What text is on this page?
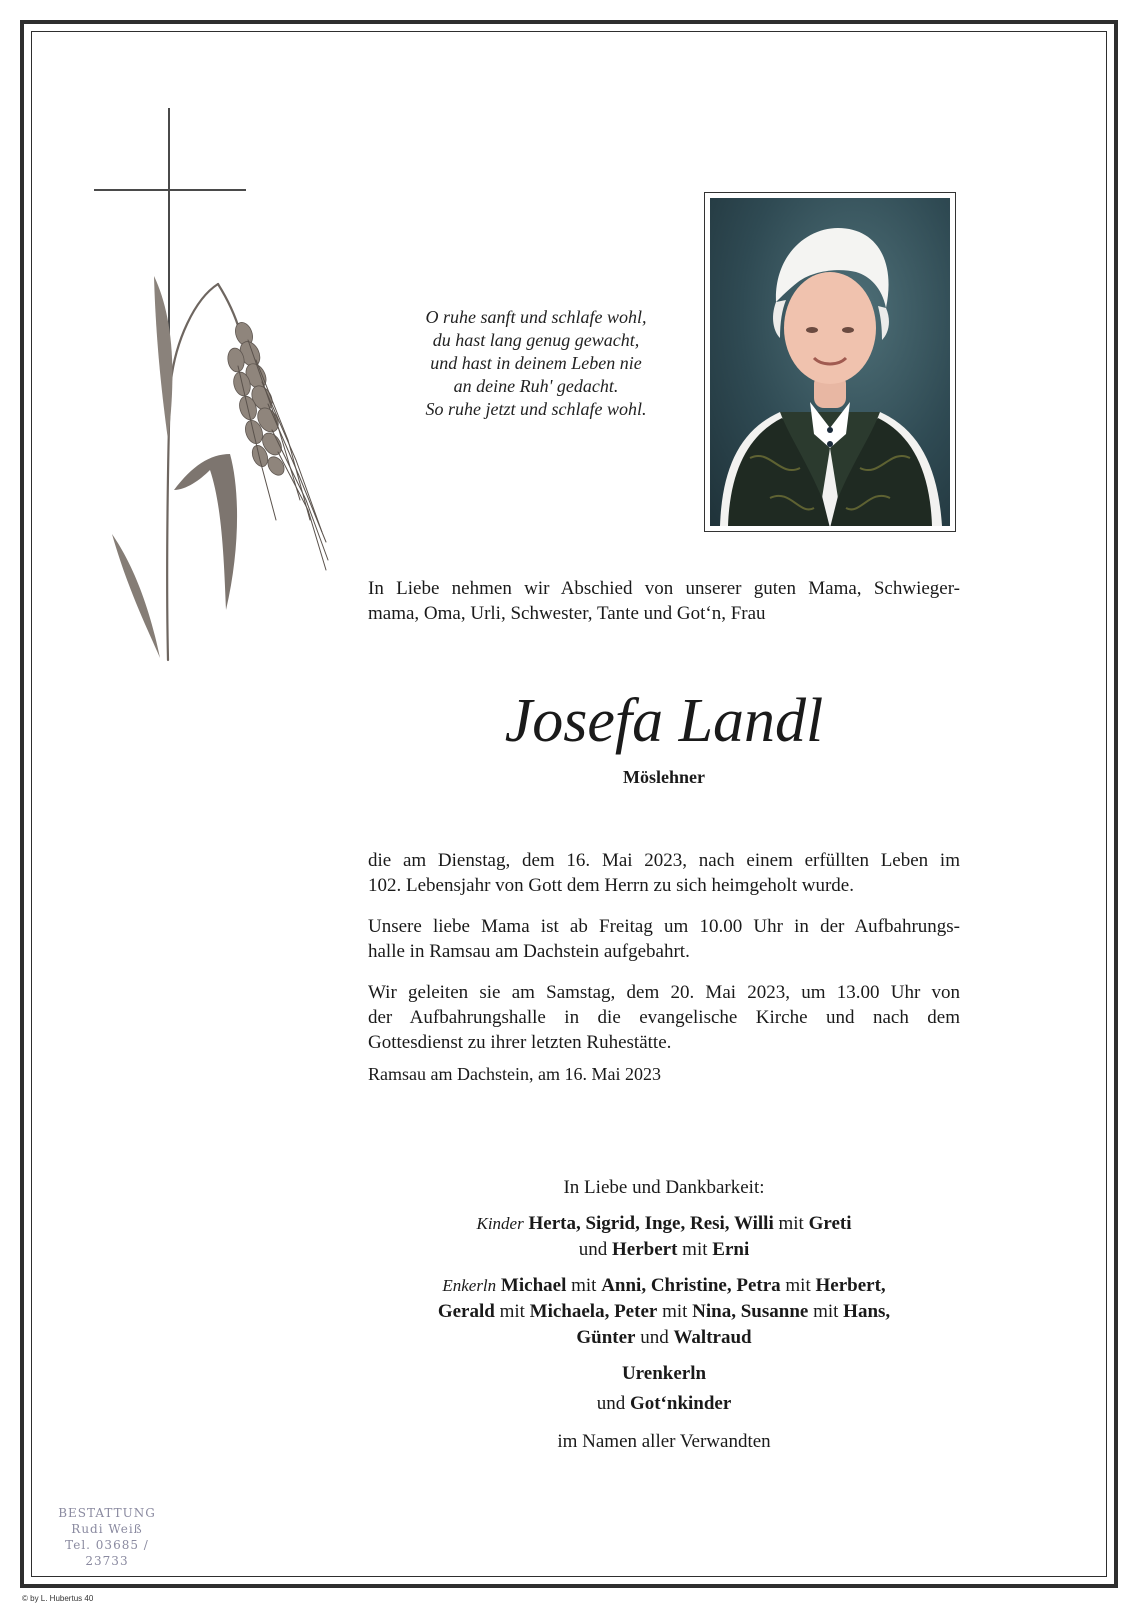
O ruhe sanft und schlafe wohl,
du hast lang genug gewacht,
und hast in deinem Leben nie
an deine Ruh' gedacht.
So ruhe jetzt und schlafe wohl.
In Liebe nehmen wir Abschied von unserer guten Mama, Schwieger-
mama, Oma, Urli, Schwester, Tante und Got‘n, Frau
Josefa Landl
Möslehner
die am Dienstag, dem 16. Mai 2023, nach einem erfüllten Leben im
102. Lebensjahr von Gott dem Herrn zu sich heimgeholt wurde.
Unsere liebe Mama ist ab Freitag um 10.00 Uhr in der Aufbahrungs-
halle in Ramsau am Dachstein aufgebahrt.
Wir geleiten sie am Samstag, dem 20. Mai 2023, um 13.00 Uhr von
der Aufbahrungshalle in die evangelische Kirche und nach dem
Gottesdienst zu ihrer letzten Ruhestätte.
Ramsau am Dachstein, am 16. Mai 2023
In Liebe und Dankbarkeit:
Kinder Herta, Sigrid, Inge, Resi, Willi mit Greti
und Herbert mit Erni
Enkerln Michael mit Anni, Christine, Petra mit Herbert,
Gerald mit Michaela, Peter mit Nina, Susanne mit Hans,
Günter und Waltraud
Urenkerln
und Got‘nkinder
im Namen aller Verwandten
BESTATTUNG
Rudi Weiß
Tel. 03685 / 23733
© by L. Hubertus 40
